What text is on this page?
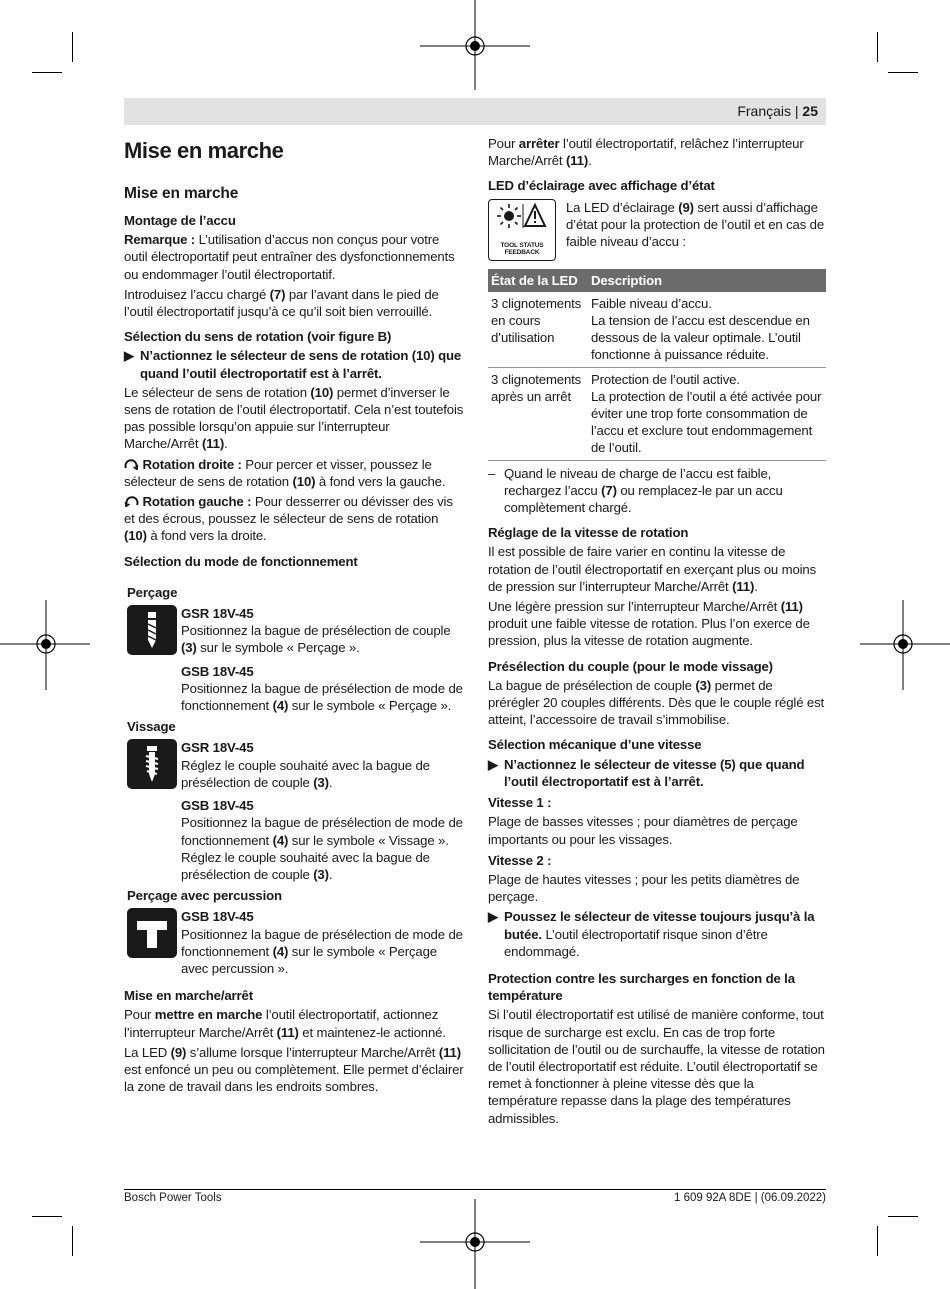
Français | 25
Mise en marche
Mise en marche
Montage de l’accu

Remarque : L’utilisation d’accus non conçus pour votre outil électroportatif peut entraîner des dysfonctionnements ou endommager l’outil électroportatif.

Introduisez l’accu chargé (7) par l’avant dans le pied de l’outil électroportatif jusqu’à ce qu’il soit bien verrouillé.

Sélection du sens de rotation (voir figure B)
▶ N’actionnez le sélecteur de sens de rotation (10) que quand l’outil électroportatif est à l’arrêt.

Le sélecteur de sens de rotation (10) permet d’inverser le sens de rotation de l’outil électroportatif. Cela n’est toutefois pas possible lorsqu’on appuie sur l’interrupteur Marche/Arrêt (11).

Rotation droite : Pour percer et visser, poussez le sélecteur de sens de rotation (10) à fond vers la gauche.

Rotation gauche : Pour desserrer ou dévisser des vis et des écrous, poussez le sélecteur de sens de rotation (10) à fond vers la droite.

Sélection du mode de fonctionnement
Perçage
GSR 18V-45
Positionnez la bague de présélection de couple (3) sur le symbole « Perçage ».
GSB 18V-45
Positionnez la bague de présélection de mode de fonctionnement (4) sur le symbole « Perçage ».
Vissage
GSR 18V-45
Réglez le couple souhaité avec la bague de présélection de couple (3).
GSB 18V-45
Positionnez la bague de présélection de mode de fonctionnement (4) sur le symbole « Vissage ».
Réglez le couple souhaité avec la bague de présélection de couple (3).
Perçage avec percussion
GSB 18V-45
Positionnez la bague de présélection de mode de fonctionnement (4) sur le symbole « Perçage avec percussion ».
Mise en marche/arrêt

Pour mettre en marche l’outil électroportatif, actionnez l’interrupteur Marche/Arrêt (11) et maintenez-le actionné.

La LED (9) s’allume lorsque l’interrupteur Marche/Arrêt (11) est enfoncé un peu ou complètement. Elle permet d’éclairer la zone de travail dans les endroits sombres.

Pour arrêter l’outil électroportatif, relâchez l’interrupteur Marche/Arrêt (11).

LED d’éclairage avec affichage d’état
TOOL STATUS
FEEDBACK
La LED d’éclairage (9) sert aussi d’affichage d’état pour la protection de l’outil et en cas de faible niveau d’accu :
État de la LED	Description
3 clignotements en cours d’utilisation	Faible niveau d’accu.
La tension de l’accu est descendue en dessous de la valeur optimale. L’outil fonctionne à puissance réduite.
3 clignotements après un arrêt	Protection de l’outil active.
La protection de l’outil a été activée pour éviter une trop forte consommation de l’accu et exclure tout endommagement de l’outil.
– Quand le niveau de charge de l’accu est faible, rechargez l’accu (7) ou remplacez-le par un accu complètement chargé.
Réglage de la vitesse de rotation

Il est possible de faire varier en continu la vitesse de rotation de l’outil électroportatif en exerçant plus ou moins de pression sur l’interrupteur Marche/Arrêt (11).

Une légère pression sur l’interrupteur Marche/Arrêt (11) produit une faible vitesse de rotation. Plus l’on exerce de pression, plus la vitesse de rotation augmente.

Présélection du couple (pour le mode vissage)

La bague de présélection de couple (3) permet de prérégler 20 couples différents. Dès que le couple réglé est atteint, l’accessoire de travail s’immobilise.

Sélection mécanique d’une vitesse
▶ N’actionnez le sélecteur de vitesse (5) que quand l’outil électroportatif est à l’arrêt.
Vitesse 1 :

Plage de basses vitesses ; pour diamètres de perçage importants ou pour les vissages.

Vitesse 2 :

Plage de hautes vitesses ; pour les petits diamètres de perçage.

▶ Poussez le sélecteur de vitesse toujours jusqu’à la butée. L’outil électroportatif risque sinon d’être endommagé.
Protection contre les surcharges en fonction de la température

Si l’outil électroportatif est utilisé de manière conforme, tout risque de surcharge est exclu. En cas de trop forte sollicitation de l’outil ou de surchauffe, la vitesse de rotation de l’outil électroportatif est réduite. L’outil électroportatif se remet à fonctionner à pleine vitesse dès que la température repasse dans la plage des températures admissibles.

Bosch Power Tools	1 609 92A 8DE | (06.09.2022)
